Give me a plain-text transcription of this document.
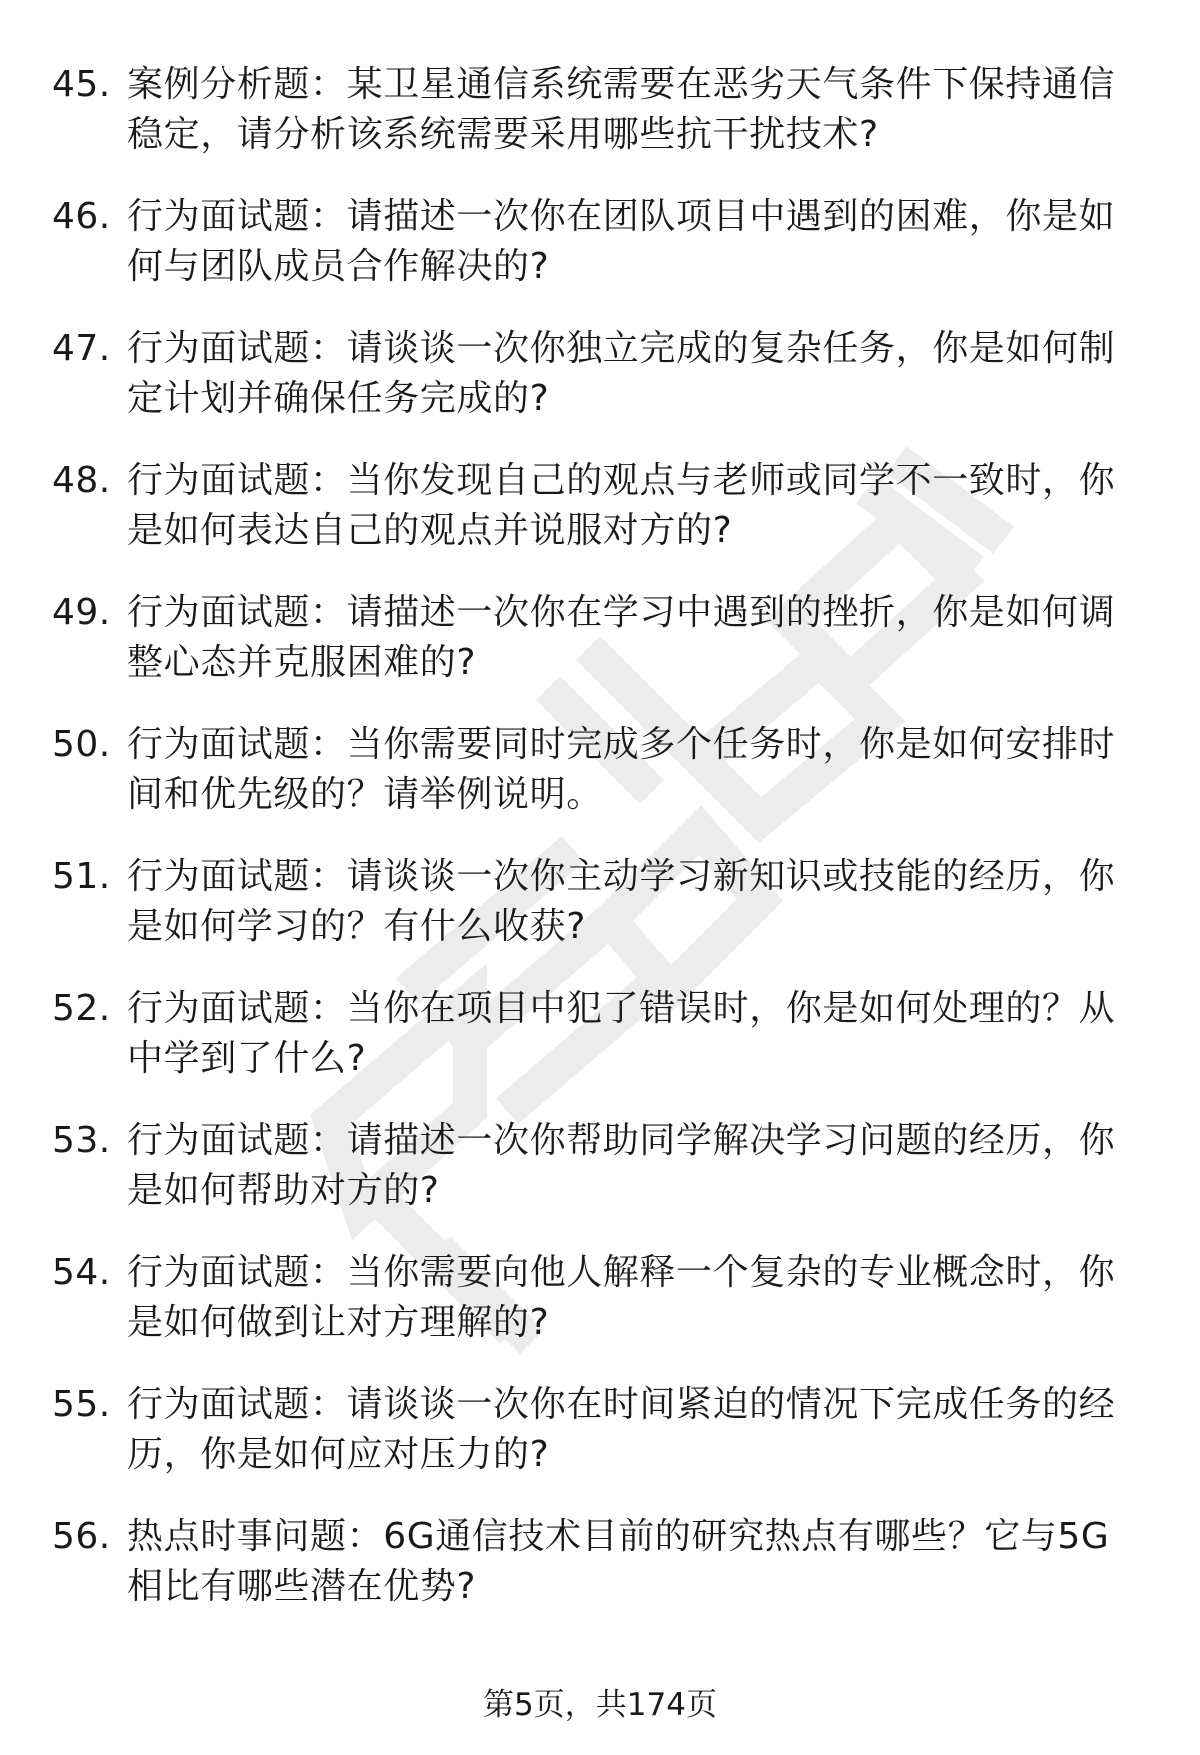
45. 案例分析题：某卫星通信系统需要在恶劣天气条件下保持通信稳定，请分析该系统需要采用哪些抗干扰技术?
46. 行为面试题：请描述一次你在团队项目中遇到的困难，你是如何与团队成员合作解决的?
47. 行为面试题：请谈谈一次你独立完成的复杂任务，你是如何制定计划并确保任务完成的?
48. 行为面试题：当你发现自己的观点与老师或同学不一致时，你是如何表达自己的观点并说服对方的?
49. 行为面试题：请描述一次你在学习中遇到的挫折，你是如何调整心态并克服困难的?
50. 行为面试题：当你需要同时完成多个任务时，你是如何安排时间和优先级的？请举例说明。
51. 行为面试题：请谈谈一次你主动学习新知识或技能的经历，你是如何学习的？有什么收获?
52. 行为面试题：当你在项目中犯了错误时，你是如何处理的？从中学到了什么?
53. 行为面试题：请描述一次你帮助同学解决学习问题的经历，你是如何帮助对方的?
54. 行为面试题：当你需要向他人解释一个复杂的专业概念时，你是如何做到让对方理解的?
55. 行为面试题：请谈谈一次你在时间紧迫的情况下完成任务的经历，你是如何应对压力的?
56. 热点时事问题：6G通信技术目前的研究热点有哪些？它与5G相比有哪些潜在优势?
第5页，共174页
